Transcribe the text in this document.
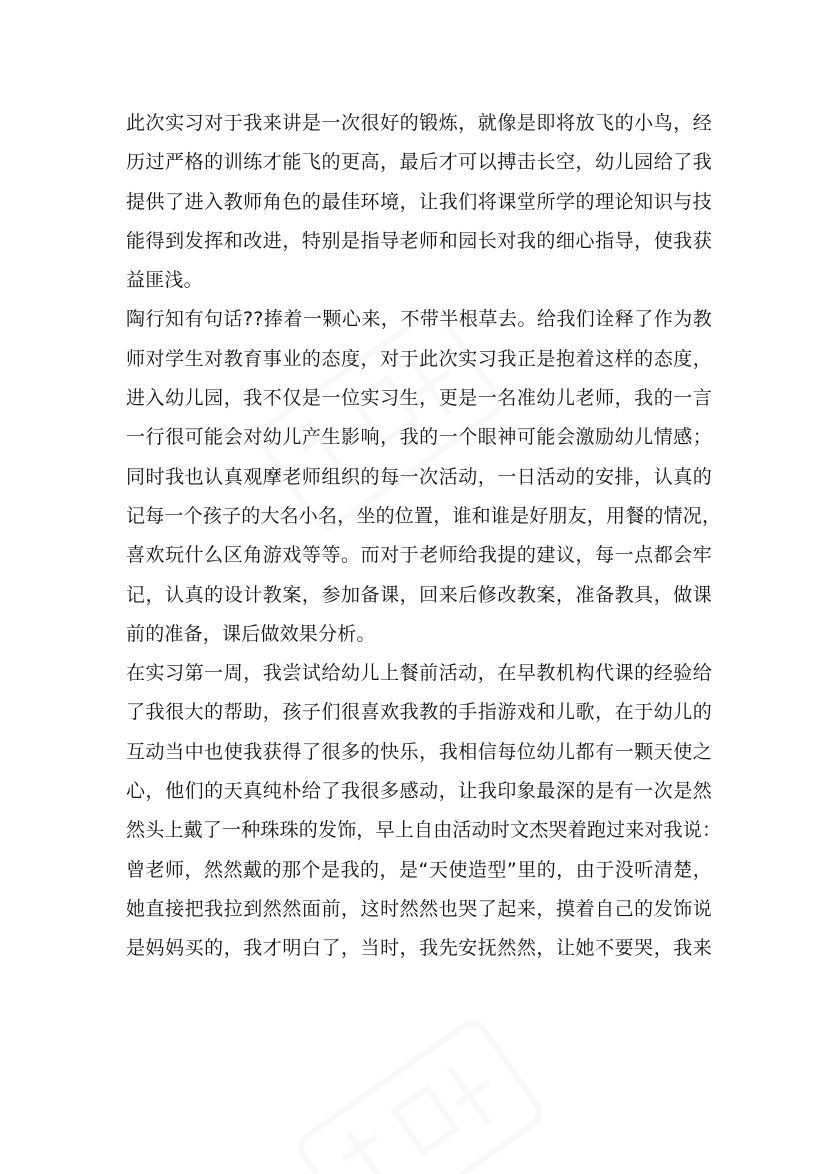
此次实习对于我来讲是一次很好的锻炼，就像是即将放飞的小鸟，经
历过严格的训练才能飞的更高，最后才可以搏击长空，幼儿园给了我
提供了进入教师角色的最佳环境，让我们将课堂所学的理论知识与技
能得到发挥和改进，特别是指导老师和园长对我的细心指导，使我获
益匪浅。
陶行知有句话??捧着一颗心来，不带半根草去。给我们诠释了作为教
师对学生对教育事业的态度，对于此次实习我正是抱着这样的态度，
进入幼儿园，我不仅是一位实习生，更是一名准幼儿老师，我的一言
一行很可能会对幼儿产生影响，我的一个眼神可能会激励幼儿情感；
同时我也认真观摩老师组织的每一次活动，一日活动的安排，认真的
记每一个孩子的大名小名，坐的位置，谁和谁是好朋友，用餐的情况，
喜欢玩什么区角游戏等等。而对于老师给我提的建议，每一点都会牢
记，认真的设计教案，参加备课，回来后修改教案，准备教具，做课
前的准备，课后做效果分析。
在实习第一周，我尝试给幼儿上餐前活动，在早教机构代课的经验给
了我很大的帮助，孩子们很喜欢我教的手指游戏和儿歌，在于幼儿的
互动当中也使我获得了很多的快乐，我相信每位幼儿都有一颗天使之
心，他们的天真纯朴给了我很多感动，让我印象最深的是有一次是然
然头上戴了一种珠珠的发饰，早上自由活动时文杰哭着跑过来对我说：
曾老师，然然戴的那个是我的，是“天使造型”里的，由于没听清楚，
她直接把我拉到然然面前，这时然然也哭了起来，摸着自己的发饰说
是妈妈买的，我才明白了，当时，我先安抚然然，让她不要哭，我来
